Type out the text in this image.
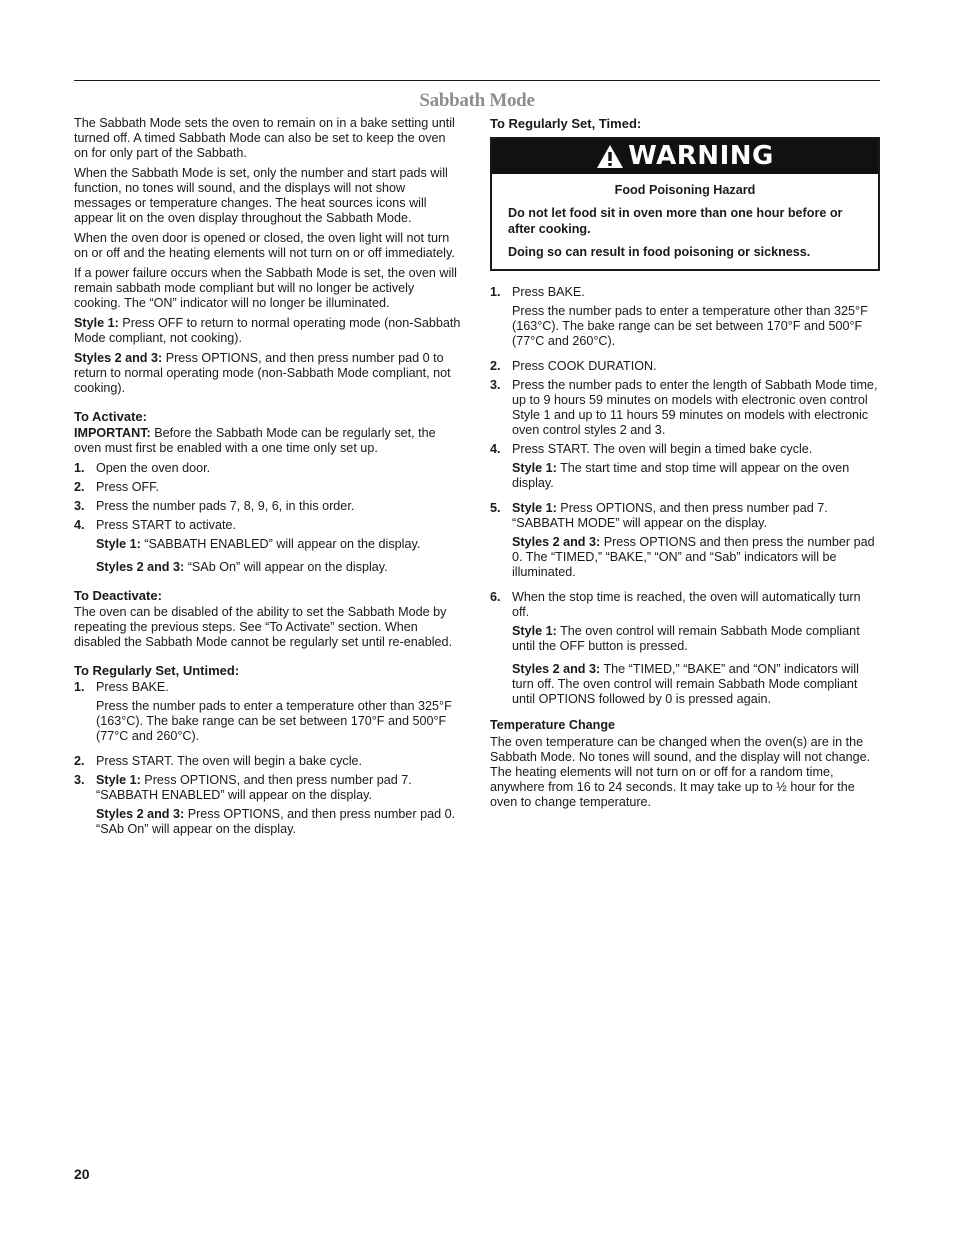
Sabbath Mode

The Sabbath Mode sets the oven to remain on in a bake setting until turned off. A timed Sabbath Mode can also be set to keep the oven on for only part of the Sabbath.

When the Sabbath Mode is set, only the number and start pads will function, no tones will sound, and the displays will not show messages or temperature changes. The heat sources icons will appear lit on the oven display throughout the Sabbath Mode.

When the oven door is opened or closed, the oven light will not turn on or off and the heating elements will not turn on or off immediately.

If a power failure occurs when the Sabbath Mode is set, the oven will remain sabbath mode compliant but will no longer be actively cooking. The “ON” indicator will no longer be illuminated.

Style 1: Press OFF to return to normal operating mode (non-Sabbath Mode compliant, not cooking).

Styles 2 and 3: Press OPTIONS, and then press number pad 0 to return to normal operating mode (non-Sabbath Mode compliant, not cooking).

To Activate:

IMPORTANT: Before the Sabbath Mode can be regularly set, the oven must first be enabled with a one time only set up.

1. Open the oven door.
2. Press OFF.
3. Press the number pads 7, 8, 9, 6, in this order.
4. Press START to activate.
Style 1: “SABBATH ENABLED” will appear on the display.
Styles 2 and 3: “SAb On” will appear on the display.
To Deactivate:

The oven can be disabled of the ability to set the Sabbath Mode by repeating the previous steps. See “To Activate” section. When disabled the Sabbath Mode cannot be regularly set until re-enabled.

To Regularly Set, Untimed:
1. Press BAKE.
Press the number pads to enter a temperature other than 325°F (163°C). The bake range can be set between 170°F and 500°F (77°C and 260°C).
2. Press START. The oven will begin a bake cycle.
3. Style 1: Press OPTIONS, and then press number pad 7. “SABBATH ENABLED” will appear on the display.
Styles 2 and 3: Press OPTIONS, and then press number pad 0. “SAb On” will appear on the display.
To Regularly Set, Timed:
WARNING
Food Poisoning Hazard

Do not let food sit in oven more than one hour before or after cooking.

Doing so can result in food poisoning or sickness.

1. Press BAKE.
Press the number pads to enter a temperature other than 325°F (163°C). The bake range can be set between 170°F and 500°F (77°C and 260°C).
2. Press COOK DURATION.
3. Press the number pads to enter the length of Sabbath Mode time, up to 9 hours 59 minutes on models with electronic oven control Style 1 and up to 11 hours 59 minutes on models with electronic oven control styles 2 and 3.
4. Press START. The oven will begin a timed bake cycle.
Style 1: The start time and stop time will appear on the oven display.
5. Style 1: Press OPTIONS, and then press number pad 7. “SABBATH MODE” will appear on the display.
Styles 2 and 3: Press OPTIONS and then press the number pad 0. The “TIMED,” “BAKE,” “ON” and “Sab” indicators will be illuminated.
6. When the stop time is reached, the oven will automatically turn off.
Style 1: The oven control will remain Sabbath Mode compliant until the OFF button is pressed.
Styles 2 and 3: The “TIMED,” “BAKE” and “ON” indicators will turn off. The oven control will remain Sabbath Mode compliant until OPTIONS followed by 0 is pressed again.
Temperature Change

The oven temperature can be changed when the oven(s) are in the Sabbath Mode. No tones will sound, and the display will not change. The heating elements will not turn on or off for a random time, anywhere from 16 to 24 seconds. It may take up to ½ hour for the oven to change temperature.

20
